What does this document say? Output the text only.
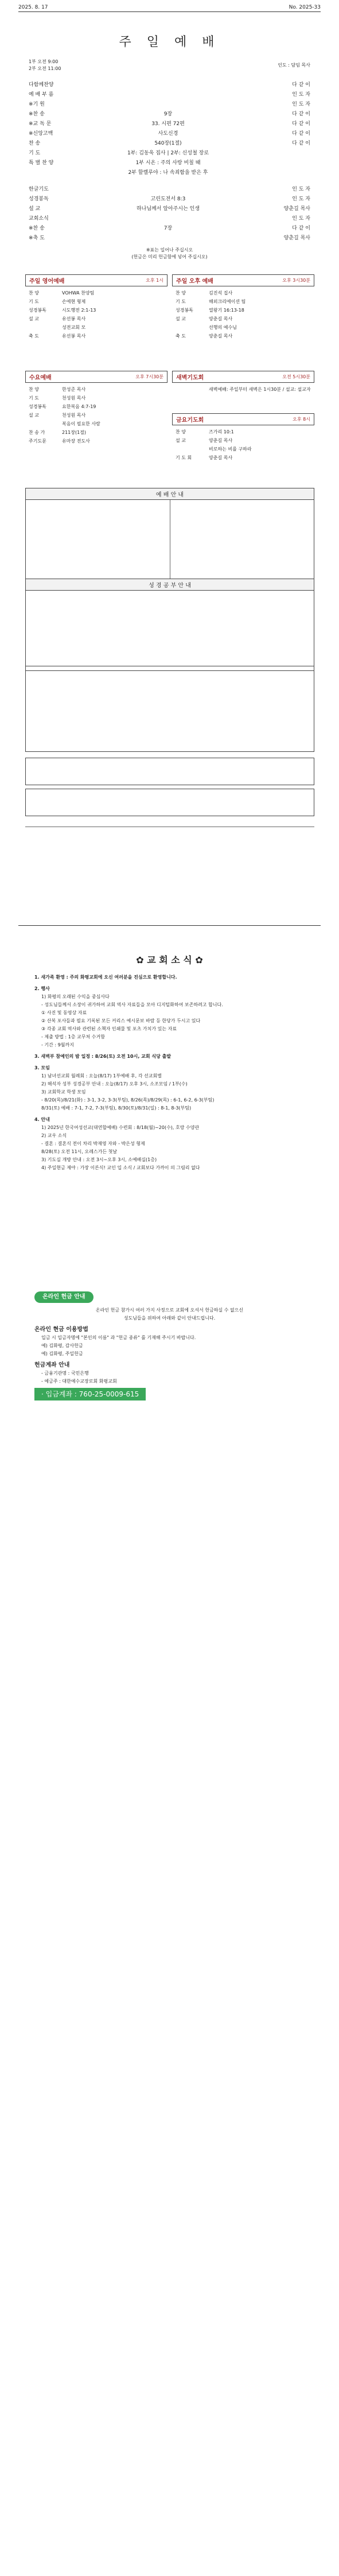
2025. 8. 17	No. 2025-33
주 일 예 배
1부 오전 9:00
2부 오전 11:00
인도 : 담임 목사
다함께찬양	다 같 이
예 배 부 름	인 도 자
※기 원	인 도 자
※찬 송	9장	다 같 이
※교 독 문	33. 시편 72편	다 같 이
※신앙고백	사도신경	다 같 이
찬 송	540장(1절)	다 같 이
기 도	1부: 김동욱 집사 | 2부: 신성철 장로
특 별 찬 양	1부 시온 : 주의 사랑 비칠 때
2부 할렐루야 : 나 속죄함을 받은 후
한글기도	인 도 자
성경봉독	고린도전서 8:3	인 도 자
설 교	하나님께서 알아주시는 인생	양춘길 목사
교회소식	인 도 자
※찬 송	7장	다 같 이
※축 도	양춘길 목사
※표는 일어나 주십시오
(헌금은 미리 헌금함에 넣어 주십시오)
주일 영어예배	오후 1시
찬 양	VOHWA 찬양팀
기 도	손에현 형제
성경봉독	시도행전 2:1-13
설 교	유선봉 목사
성전교회 모
축 도	유선봉 목사
주일 오후 예배	오후 3시30분
찬 양	김진석 집사
기 도	해외크리에이션 팀
성경봉독	열왕기 16:13-18
설 교	양춘길 목사
선행의 예수님
축 도	양춘길 목사
수요예배	오후 7시30분
찬 양	한성준 목사
기 도	천성원 목사
성경봉독	요한복음 4:7-19
설 교	천성원 목사
복음이 필요한 사람
찬 송 가	211장(1절)
주기도문	유마장 전도사
새벽기도회	오전 5시30분
새벽예배: 주일부터 새벽은 1시30분 / 설교: 설교자
금요기도회	오후 8시
찬 양	즈가리 10:1
설 교	양춘길 목사
비로하는 비를 구하라
기 도 회	양춘길 목사
예 배 안 내
성 경 공 부 안 내
✿ 교 회 소 식 ✿
1. 새가족 환영 : 주의 화평교회에 오신 여러분을 진심으로 환영합니다.
2. 행사
1) 화평의 오래된 수익을 중심사다
- 성도님들께서 소장이 귀가하여 교회 역사 자료들을 모아 디지털화하여 보존하려고 합니다.
① 사진 및 동영상 자료
② 산복 포사들과 필요 기록된 모든 커리스 예시문보 바람 등 한당가 두시고 있다
③ 각종 교회 역사와 관련된 소책자 인쇄물 및 포츠 가치가 있는 자료
- 제출 방법 : 1층 교무처 수거함
- 기간 : 9월까지
3. 새벽부 참예인의 밤 일정 : 8/26(토) 오전 10시, 교회 식당 출발
3. 모임
1) 남녀선교회 월례회 : 오늘(8/17) 1부예배 후, 각 선교회별
2) 해석자 성부 성경공부 안내 : 오늘(8/17) 오후 3시, 소조모임 / 1부(수)
3) 교회학교 학생 모임
- 8/20(목)/8/21(화) : 3-1, 3-2, 3-3(부팀), 8/26(목)/8/29(목) : 6-1, 6-2, 6-3(부팀)
8/31(토) 예배 : 7-1, 7-2, 7-3(부팀), 8/30(토)/8/31(일) : 8-1, 8-3(부팀)
4. 안내
1) 2025년 한국여성선교(대연합예배) 수련회 : 8/18(월)~20(수), 호랑 수양관
2) 교우 소식
- 결혼 : 결혼식 전이 차리 박재영 자와 - 박은성 형제
8/28(토) 오전 11시, 오레스가든 첫날
3) 기도실 개방 안내 : 오전 3시~오후 3시, 소예배실(1층)
4) 주일현금 제야 : 가장 이른식! 교인 입 소식 / 교회보다 가까이 의 그림리 없다
온라인 헌금 안내
온라인 헌금 참가시 여러 가지 사정으로 교회에 오셔서 헌금하실 수 없으신
성도님들을 위하여 아래와 같이 안내드립니다.
온라인 현금 이용방법
입금 시 입금자명에 "본인의 이름" 과 "헌금 종류" 를 기재해 주시기 바랍니다.
예) 김화평, 감사헌금
예) 김화평, 주일헌금
헌금계좌 안내
- 금융기관명 : 국민은행
- 예금주 : 대한예수교장로회 화평교회
· 입금계좌 : 760-25-0009-615
